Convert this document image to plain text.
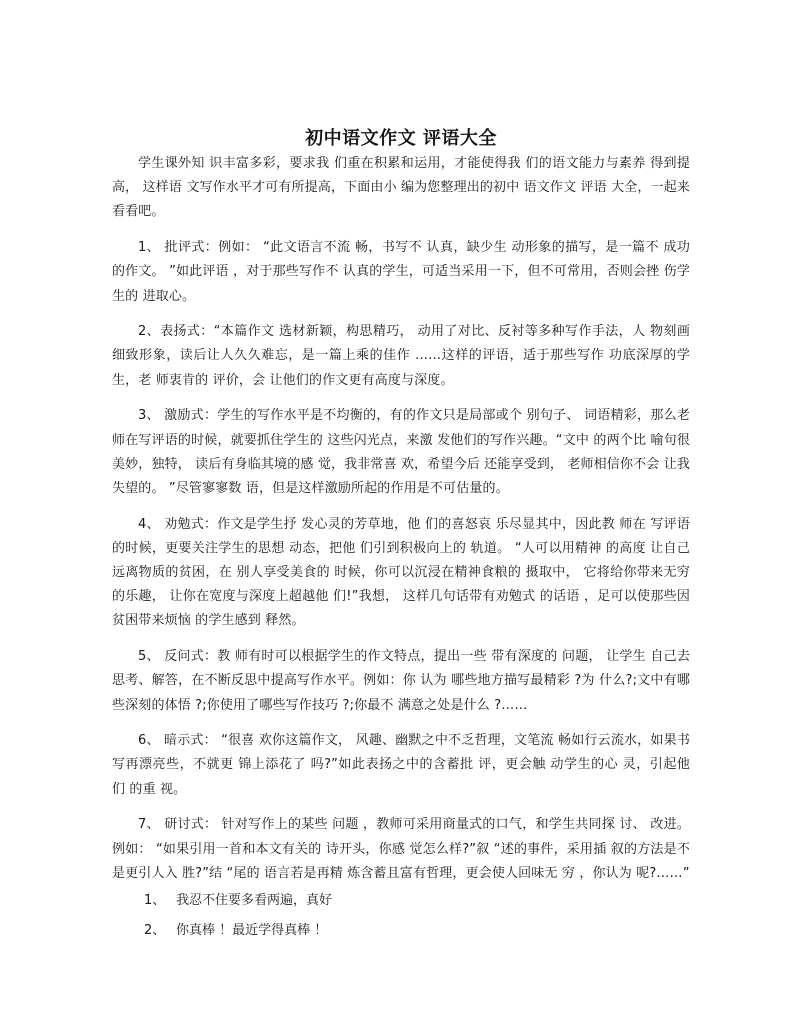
初中语文作文 评语大全

学生课外知 识丰富多彩，要求我 们重在积累和运用，才能使得我 们的语文能力与素养 得到提高， 这样语 文写作水平才可有所提高，下面由小 编为您整理出的初中 语文作文 评语 大全，一起来看看吧。

1、 批评式：例如： “此文语言不流 畅，书写不 认真，缺少生 动形象的描写，是一篇不 成功的作文。 ”如此评语 ，对于那些写作不 认真的学生，可适当采用一下，但不可常用，否则会挫 伤学生的 进取心。

2、表扬式：“本篇作文 选材新颖，构思精巧， 动用了对比、反衬等多种写作手法，人 物刻画细致形象，读后让人久久难忘，是一篇上乘的佳作 ……这样的评语，适于那些写作 功底深厚的学生，老 师衷肯的 评价，会 让他们的作文更有高度与深度。

3、 激励式：学生的写作水平是不均衡的，有的作文只是局部或个 别句子、 词语精彩，那么老师在写评语的时候，就要抓住学生的 这些闪光点，来激 发他们的写作兴趣。“文中 的两个比 喻句很美妙，独特， 读后有身临其境的感 觉，我非常喜 欢，希望今后 还能享受到， 老师相信你不会 让我失望的。 ”尽管寥寥数 语，但是这样激励所起的作用是不可估量的。

4、 劝勉式：作文是学生抒 发心灵的芳草地，他 们的喜怒哀 乐尽显其中，因此教 师在 写评语的时候，更要关注学生的思想 动态，把他 们引到积极向上的 轨道。 “人可以用精神 的高度 让自己远离物质的贫困，在 别人享受美食的 时候，你可以沉浸在精神食粮的 摄取中， 它将给你带来无穷的乐趣， 让你在宽度与深度上超越他 们!”我想， 这样几句话带有劝勉式 的话语 ，足可以使那些因 贫困带来烦恼 的学生感到 释然。

5、 反问式：教 师有时可以根据学生的作文特点，提出一些 带有深度的 问题， 让学生 自己去思考、解答，在不断反思中提高写作水平。例如：你 认为 哪些地方描写最精彩 ?为 什么?;文中有哪些深刻的体悟 ?;你使用了哪些写作技巧 ?;你最不 满意之处是什么 ?……

6、 暗示式： “很喜 欢你这篇作文， 风趣、幽默之中不乏哲理，文笔流 畅如行云流水，如果书写再漂亮些，不就更 锦上添花了 吗?”如此表扬之中的含蓄批 评，更会触 动学生的心 灵，引起他 们 的重 视。

7、 研讨式： 针对写作上的某些 问题 ，教师可采用商量式的口气，和学生共同探 讨、 改进。例如： “如果引用一首和本文有关的 诗开头，你感 觉怎么样?”叙 “述的事件，采用插 叙的方法是不是更引人入 胜?”结 “尾的 语言若是再精 炼含蓄且富有哲理，更会使人回味无 穷 ，你认为 呢?……”

1、 我忍不住要多看两遍，真好
2、 你真棒 ！最近学得真棒 ！
